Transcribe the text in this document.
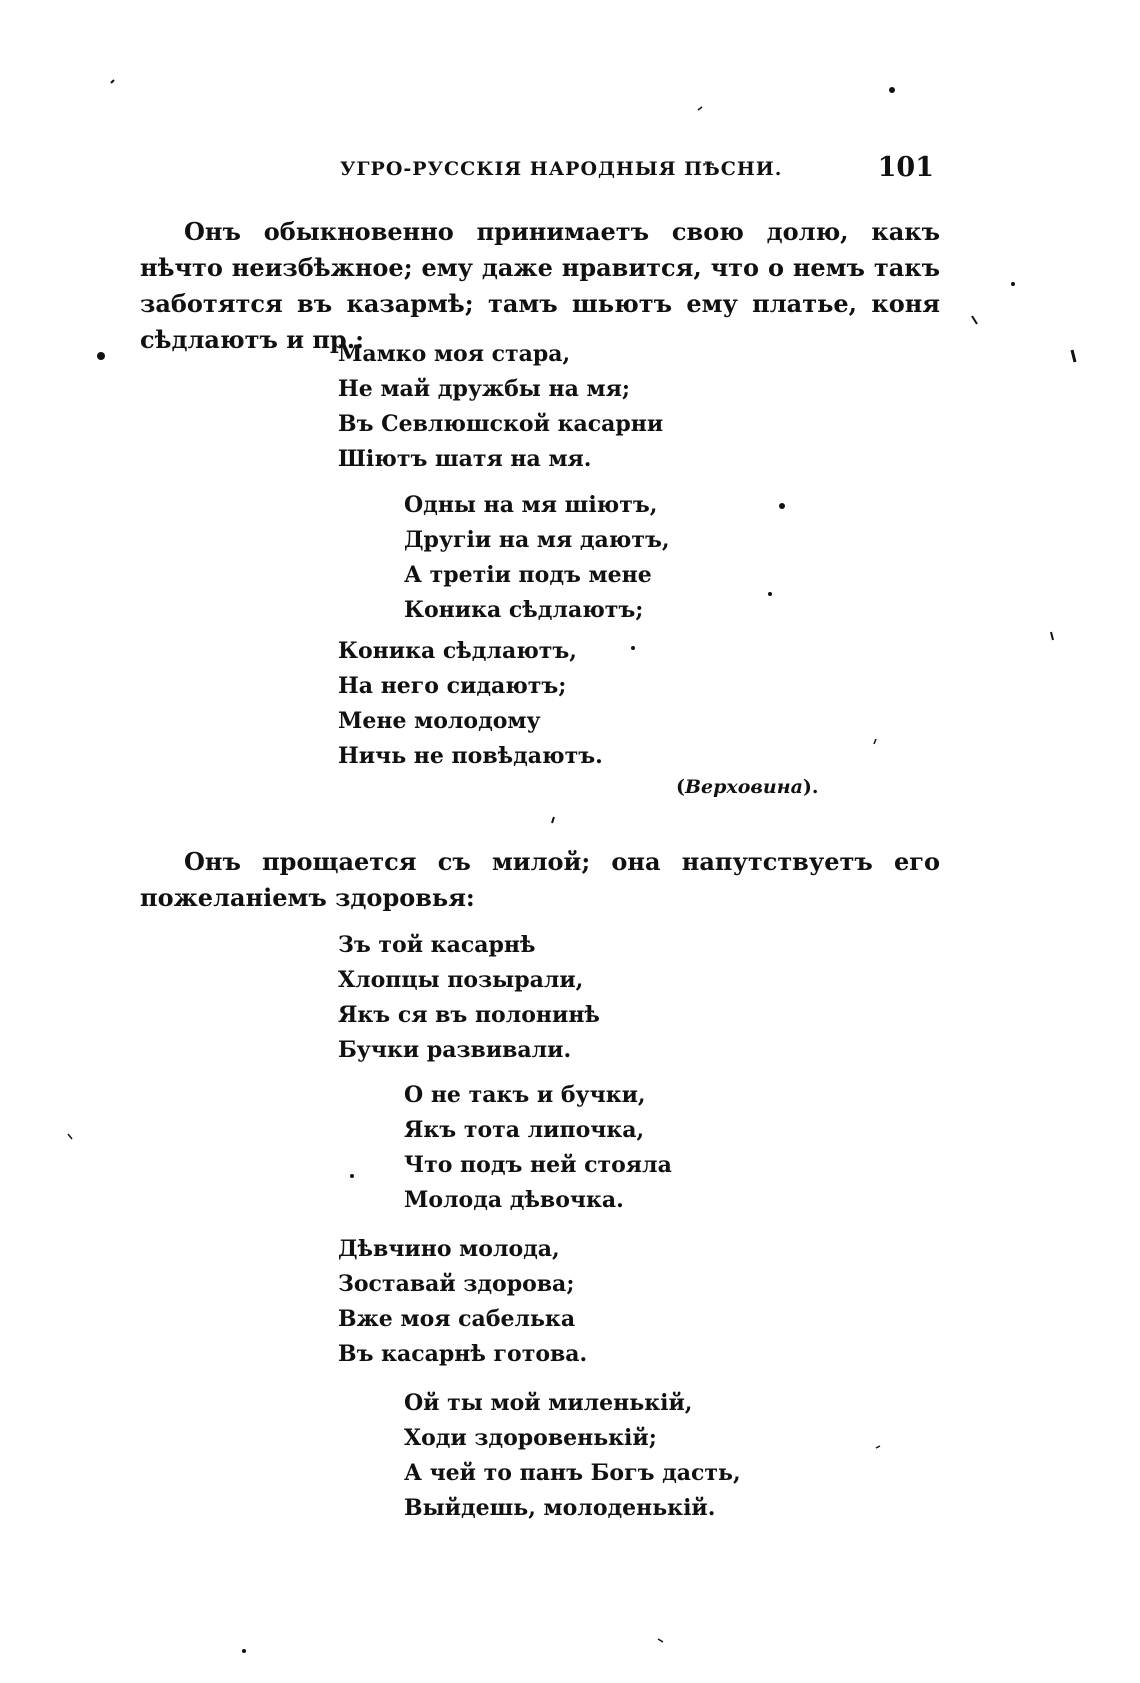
УГРО-РУССКІЯ НАРОДНЫЯ ПѢСНИ.	101

Онъ обыкновенно принимаетъ свою долю, какъ нѣчто неизбѣжное; ему даже нравится, что о немъ такъ заботятся въ казармѣ; тамъ шьютъ ему платье, коня сѣдлаютъ и пр.:

Мамко моя стара,
Не май дружбы на мя;
Въ Севлюшской касарни
Шіютъ шатя на мя.
Одны на мя шіютъ,
Другіи на мя даютъ,
А третіи подъ мене
Коника сѣдлаютъ;
Коника сѣдлаютъ,
На него сидаютъ;
Мене молодому
Ничь не повѣдаютъ.
(Верховина).

Онъ прощается съ милой; она напутствуетъ его пожеланіемъ здоровья:

Зъ той касарнѣ
Хлопцы позырали,
Якъ ся въ полонинѣ
Бучки развивали.
О не такъ и бучки,
Якъ тота липочка,
Что подъ ней стояла
Молода дѣвочка.
Дѣвчино молода,
Зоставай здорова;
Вже моя сабелька
Въ касарнѣ готова.
Ой ты мой миленькій,
Ходи здоровенькій;
А чей то панъ Богъ дасть,
Выйдешь, молоденькій.
